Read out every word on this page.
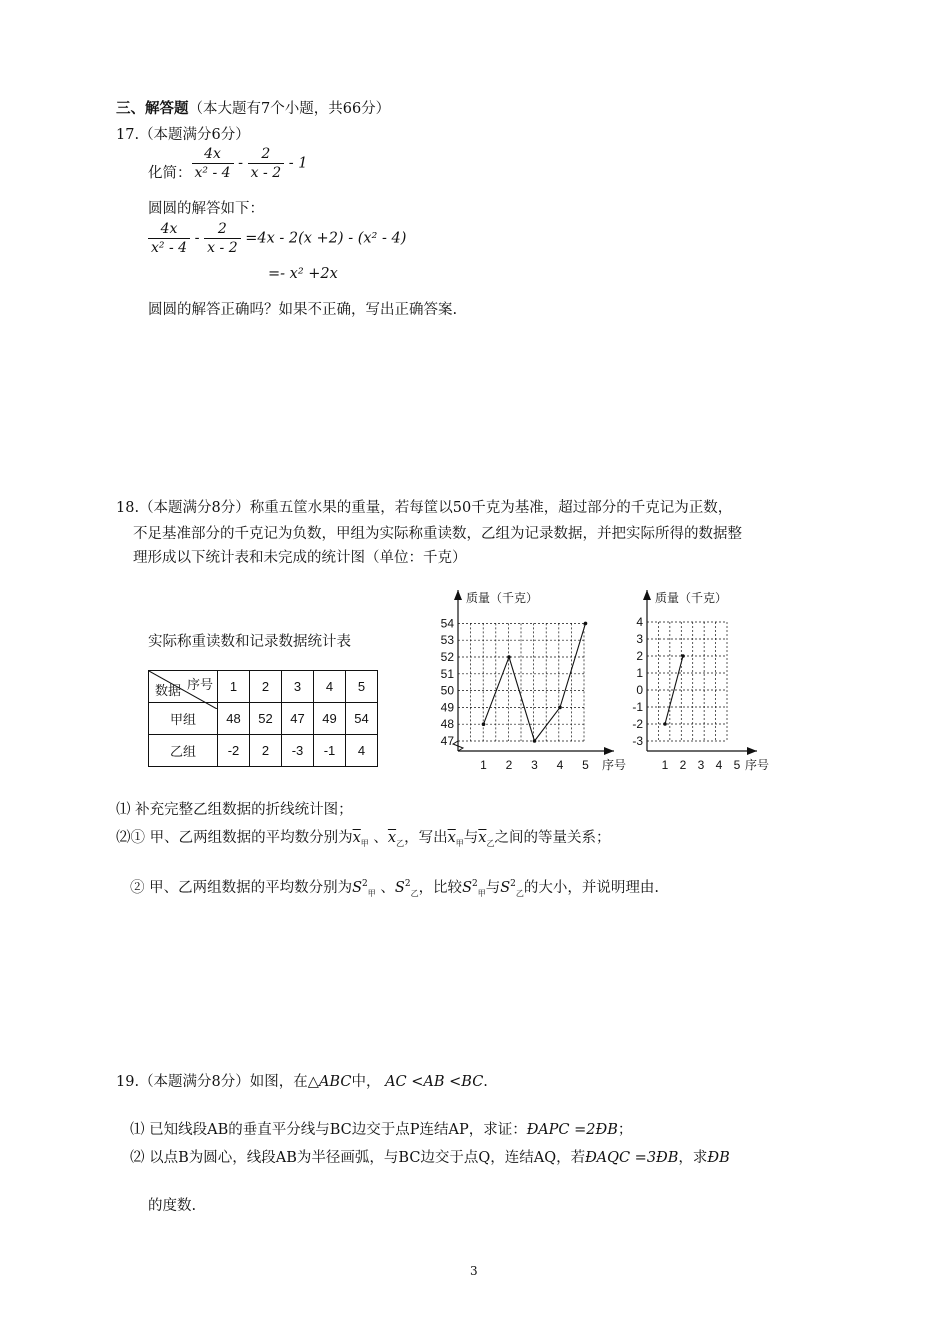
三、解答题（本大题有7个小题，共66分）
17.（本题满分6分）
化简： $\frac{4x}{\text{x² - 4}} - \frac{2}{x - 2} - 1$
圆圆的解答如下：
$\frac{4x}{\text{x² - 4}} - \frac{2}{x - 2} =4x - 2(x +2) - (x^2 - 4)$
=- x² +2x
圆圆的解答正确吗？如果不正确，写出正确答案.
18.（本题满分8分）称重五筐水果的重量，若每筐以50千克为基准，超过部分的千克记为正数，
不足基准部分的千克记为负数，甲组为实际称重读数，乙组为记录数据，并把实际所得的数据整
理形成以下统计表和未完成的统计图（单位：千克）
实际称重读数和记录数据统计表
序号
数据	1	2	3	4	5
甲组	48	52	47	49	54
乙组	-2	2	-3	-1	4
47
48
49
50
51
52
53
54
1 2 3 4 5 序号
质量（千克）
-3
-2
-1
0
1
2
3
4
1 2 3 4 5 序号
质量（千克）
⑴ 补充完整乙组数据的折线统计图；
⑵① 甲、乙两组数据的平均数分别为$\overline{x}_甲$ 、$\overline{x}_乙$，写出$\overline{x}_甲$与$\overline{x}_乙$之间的等量关系；
② 甲、乙两组数据的平均数分别为$S^2_甲$ 、$S^2_乙$，比较$S^2_甲$与$S^2_乙$的大小，并说明理由.
19.（本题满分8分）如图，在△ABC中， AC <AB <BC.
⑴ 已知线段AB的垂直平分线与BC边交于点P连结AP，求证：ÐAPC =2ÐB；
⑵ 以点B为圆心，线段AB为半径画弧，与BC边交于点Q，连结AQ，若ÐAQC =3ÐB，求ÐB
的度数.
3
